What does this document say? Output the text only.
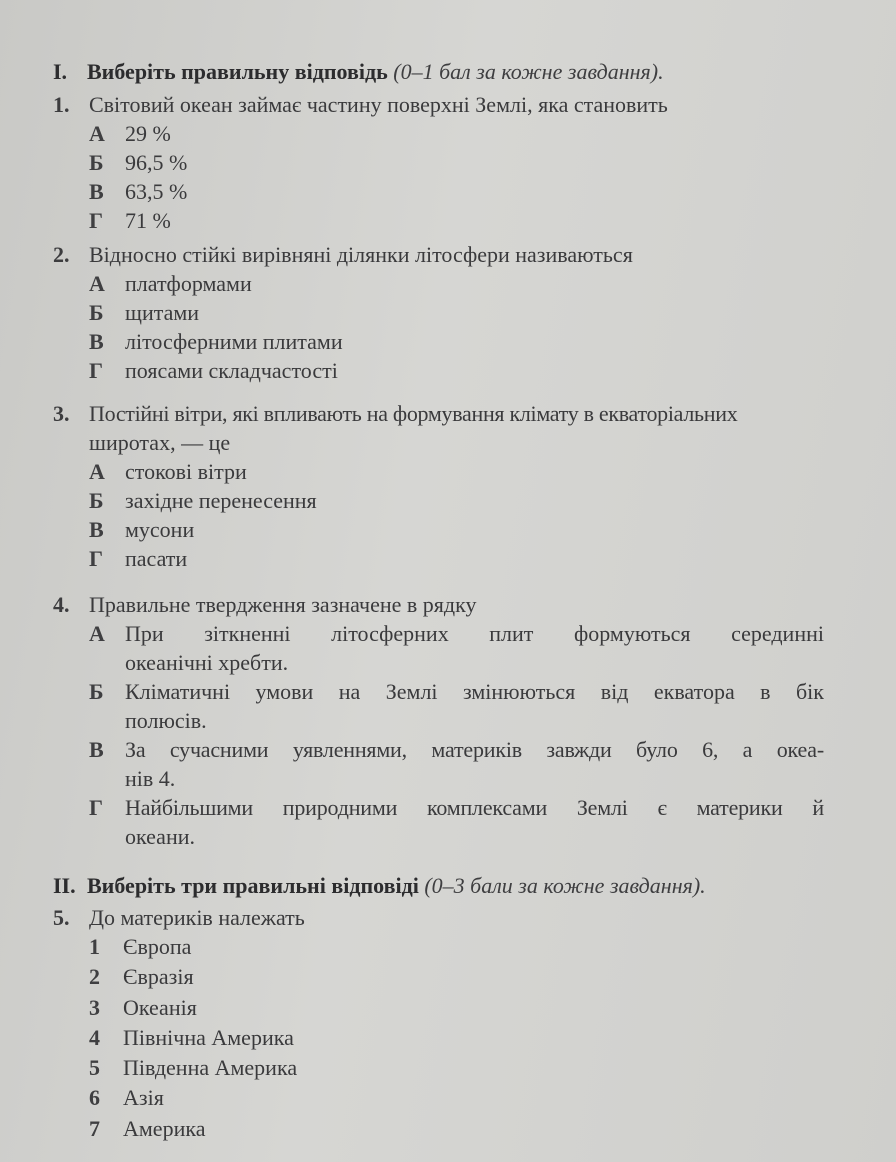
I. Виберіть правильну відповідь (0–1 бал за кожне завдання).
1. Світовий океан займає частину поверхні Землі, яка становить
А 29 %
Б 96,5 %
В 63,5 %
Г 71 %
2. Відносно стійкі вирівняні ділянки літосфери називаються
А платформами
Б щитами
В літосферними плитами
Г поясами складчастості
3. Постійні вітри, які впливають на формування клімату в екваторіальних
широтах, — це
А стокові вітри
Б західне перенесення
В мусони
Г пасати
4. Правильне твердження зазначене в рядку
А При зіткненні літосферних плит формуються серединні
океанічні хребти.
Б Кліматичні умови на Землі змінюються від екватора в бік
полюсів.
В За сучасними уявленнями, материків завжди було 6, а океа-
нів 4.
Г Найбільшими природними комплексами Землі є материки й
океани.
II. Виберіть три правильні відповіді (0–3 бали за кожне завдання).
5. До материків належать
1 Європа
2 Євразія
3 Океанія
4 Північна Америка
5 Південна Америка
6 Азія
7 Америка
